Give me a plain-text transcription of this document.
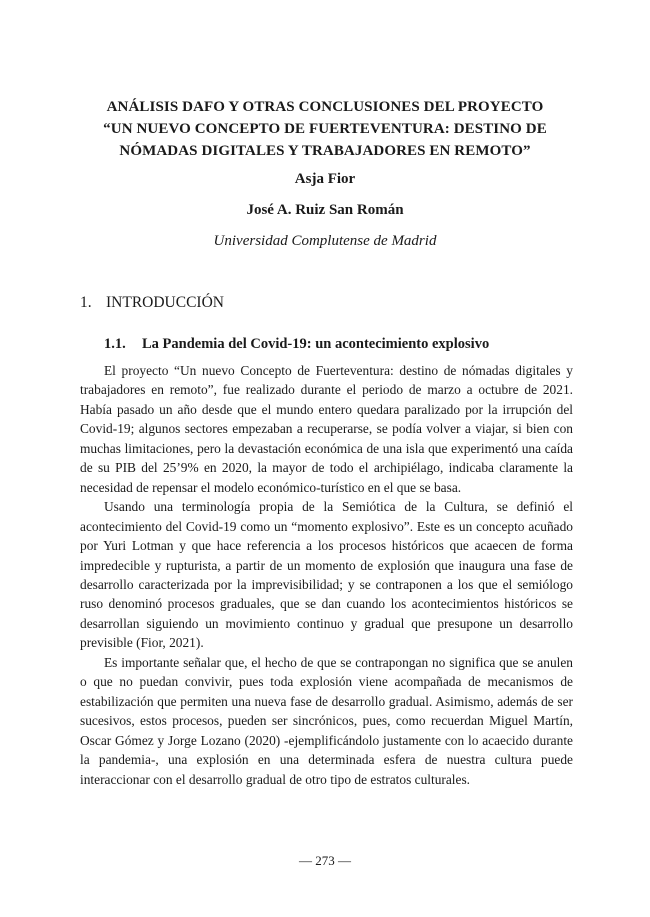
ANÁLISIS DAFO Y OTRAS CONCLUSIONES DEL PROYECTO
“UN NUEVO CONCEPTO DE FUERTEVENTURA: DESTINO DE
NÓMADAS DIGITALES Y TRABAJADORES EN REMOTO”
Asja Fior
José A. Ruiz San Román
Universidad Complutense de Madrid
1. INTRODUCCIÓN
1.1. La Pandemia del Covid-19: un acontecimiento explosivo

El proyecto “Un nuevo Concepto de Fuerteventura: destino de nómadas digitales y trabajadores en remoto”, fue realizado durante el periodo de marzo a octubre de 2021. Había pasado un año desde que el mundo entero quedara paralizado por la irrupción del Covid-19; algunos sectores empezaban a recuperarse, se podía volver a viajar, si bien con muchas limitaciones, pero la devastación económica de una isla que experimentó una caída de su PIB del 25’9% en 2020, la mayor de todo el archipiélago, indicaba claramente la necesidad de repensar el modelo económico-turístico en el que se basa.

Usando una terminología propia de la Semiótica de la Cultura, se definió el acontecimiento del Covid-19 como un “momento explosivo”. Este es un concepto acuñado por Yuri Lotman y que hace referencia a los procesos históricos que acaecen de forma impredecible y rupturista, a partir de un momento de explosión que inaugura una fase de desarrollo caracterizada por la imprevisibilidad; y se contraponen a los que el semiólogo ruso denominó procesos graduales, que se dan cuando los acontecimientos históricos se desarrollan siguiendo un movimiento continuo y gradual que presupone un desarrollo previsible (Fior, 2021).

Es importante señalar que, el hecho de que se contrapongan no significa que se anulen o que no puedan convivir, pues toda explosión viene acompañada de mecanismos de estabilización que permiten una nueva fase de desarrollo gradual. Asimismo, además de ser sucesivos, estos procesos, pueden ser sincrónicos, pues, como recuerdan Miguel Martín, Oscar Gómez y Jorge Lozano (2020) -ejemplificándolo justamente con lo acaecido durante la pandemia-, una explosión en una determinada esfera de nuestra cultura puede interaccionar con el desarrollo gradual de otro tipo de estratos culturales.

— 273 —
